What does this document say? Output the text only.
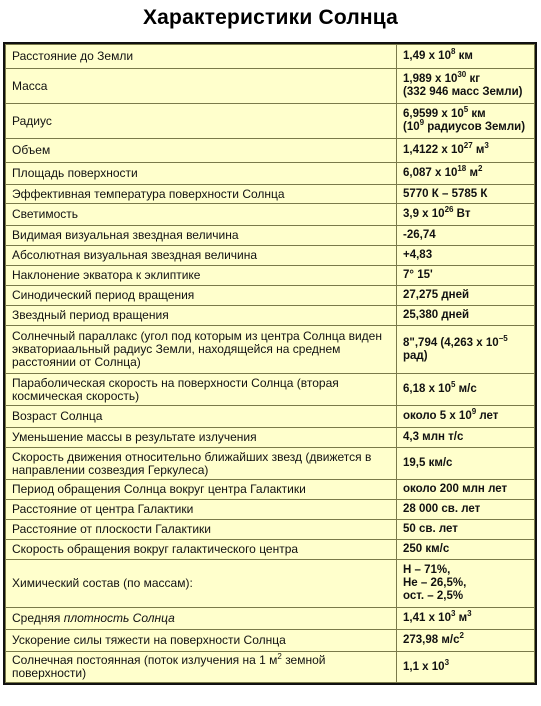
Характеристики Солнца
Расстояние до Земли	1,49 х $10^8$ км
Масса	1,989 х $10^{30}$ кг
(332 946 масс Земли)
Радиус	6,9599 х $10^5$ км
($10^9$ радиусов Земли)
Объем	1,4122 х $10^{27}$ $м^3$
Площадь поверхности	6,087 х $10^{18}$ $м^2$
Эффективная температура поверхности Солнца	5770 К – 5785 К
Светимость	3,9 х $10^{26}$ Вт
Видимая визуальная звездная величина	-26,74
Абсолютная визуальная звездная величина	+4,83
Наклонение экватора к эклиптике	7° 15'
Синодический период вращения	27,275 дней
Звездный период вращения	25,380 дней
Солнечный параллакс (угол под которым из центра Солнца виден экваториаальный радиус Земли, находящейся на среднем расстоянии от Солнца)	8",794 (4,263 х $10^{-5}$
рад)
Параболическая скорость на поверхности Солнца (вторая космическая скорость)	6,18 х $10^5$ м/с
Возраст Солнца	около 5 х $10^9$ лет
Уменьшение массы в результате излучения	4,3 млн т/с
Скорость движения относительно ближайших звезд (движется в направлении созвездия Геркулеса)	19,5 км/с
Период обращения Солнца вокруг центра Галактики	около 200 млн лет
Расстояние от центра Галактики	28 000 св. лет
Расстояние от плоскости Галактики	50 св. лет
Скорость обращения вокруг галактического центра	250 км/с
Химический состав (по массам):	H – 71%,
He – 26,5%,
ост. – 2,5%
Средняя плотность Солнца	1,41 х $10^3$ $м^3$
Ускорение силы тяжести на поверхности Солнца	273,98 $м/с^2$
Солнечная постоянная (поток излучения на 1 $м^2$ земной поверхности)	1,1 х $10^3$
